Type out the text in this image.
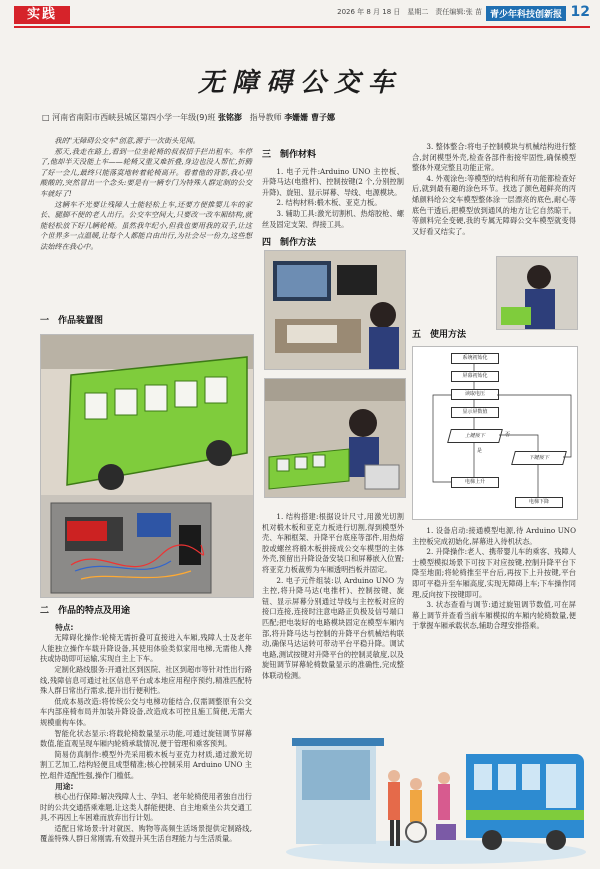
实践	2026 年 8 月 18 日　星期二　责任编辑:张 苗 青少年科技创新报 12
无障碍公交车
□ 河南省南阳市西峡县城区第四小学一年级(9)班 张铭澎 指导教师 李姗姗 曹子娜

我的"无障碍公交车"创意,源于一次街头见闻。

那天,我走在路上,看到一位坐轮椅的叔叔招手拦出租车。车停了,他却半天没能上车——轮椅又重又难折叠,身边也没人帮忙,折腾了好一会儿,最终只能落寞地转着轮椅离开。看着他的背影,我心里酸酸的,突然冒出一个念头:要是有一辆专门为特殊人群定制的公交车就好了!

这辆车不光要让残障人士能轻松上车,还要方便推婴儿车的家长、腿脚不便的老人出行。公交车空间大,只要改一改车厢结构,就能轻松放下好几辆轮椅。虽然我年纪小,但我也要用我的双手,让这个世界多一点温暖,让每个人都能自由出行,为社会尽一份力,这些想法始终在我心中。

一　作品装置图
二　作品的特点及用途

特点:

无障碍化操作:轮椅无需折叠可直接进入车厢,残障人士及老年人能独立操作车载升降设备,其使用体验类似家用电梯,无需他人搀扶或协助即可运输,实现自主上下车。

定制化路线服务:开通社区到医院、社区到超市等针对性出行路线,残障信息可通过社区信息平台或本地应用程序预约,精准匹配特殊人群日常出行需求,提升出行便利性。

低成本易改造:将传统公交与电梯功能结合,仅需调整原有公交车内部座椅布局并加装升降设备,改造成本可控且施工简便,无需大规模重构车体。

智能化状态显示:将载轮椅数量显示功能,可通过旋钮调节屏幕数值,能直观呈现车厢内轮椅承载情况,便于管理和乘客预判。

简易仿真制作:模型外壳采用椴木板与亚克力材质,通过激光切割工艺加工,结构轻便且成型精准;核心控制采用 Arduino UNO 主控,组件适配性强,操作门槛低。

用途:

核心出行保障:解决残障人士、孕妇、老年轮椅使用者独自出行时的公共交通搭乘难题,让这类人群能便捷、自主地乘坐公共交通工具,不再因上车困难而放弃出行计划。

适配日常场景:针对就医、购物等高频生活场景提供定制路线,覆盖特殊人群日常刚需,有效提升其生活自理能力与生活质量。

三　制作材料

1. 电子元件:Arduino UNO 主控板、升降马达(电推杆)、控制按键(2 个,分别控制升降)、旋钮、显示屏幕、导线、电源模块。

2. 结构材料:椴木板、亚克力板。

3. 辅助工具:激光切割机、热熔胶枪、螺丝及固定支架、焊接工具。

四　制作方法

1. 结构搭建:根据设计尺寸,用激光切割机对椴木板和亚克力板进行切割,得到模型外壳、车厢框架、升降平台底座等部件,用热熔胶或螺丝将椴木板拼接成公交车模型的主体外壳,预留出升降设备安装口和屏幕嵌入位置;将亚克力板裁剪为车厢透明挡板并固定。

2. 电子元件组装:以 Arduino UNO 为主控,将升降马达(电推杆)、控制按键、旋钮、显示屏幕分别通过导线与主控板对应的接口连接,连接时注意电路正负极及信号端口匹配;把电装好的电路模块固定在模型车厢内部,将升降马达与控制的升降平台机械结构联动,确保马达运转可带动平台平稳升降。调试电路,测试按键对升降平台的控制灵敏度,以及旋钮调节屏幕轮椅数量显示的准确性,完成整体联动检测。

3. 整体整合:将电子控制模块与机械结构进行整合,封闭模型外壳,检查各部件衔接牢固性,确保模型整体外观完整且功能正常。

4. 外观涂色:等模型的结构和所有功能都检查好后,就到最有趣的涂色环节。找选了颜色超鲜亮的丙烯颜料给公交车模型整体涂一层漂亮的底色,耐心等底色干透后,把模型放到通风的地方让它自然晾干。等颜料完全变硬,我的专属无障碍公交车模型就变得又好看又结实了。

五　使用方法
系统初始化
屏幕初始化
读取电压
显示屏数值
上键按下
下键按下
电梯上升
电梯下降
是
否

1. 设备启动:接通模型电源,待 Arduino UNO 主控板完成初始化,屏幕进入待机状态。

2. 升降操作:老人、携带婴儿车的乘客、残障人士模型模拟场景下可按下对应按键,控制升降平台下降至地面;将轮椅推至平台后,再按下上升按键,平台即可平稳升至车厢高度,实现无障碍上车;下车操作同理,反向按下按键即可。

3. 状态查看与调节:通过旋钮调节数值,可在屏幕上调节并查看当前车厢模拟的车厢内轮椅数量,便于掌握车厢承载状态,辅助合理安排搭乘。
